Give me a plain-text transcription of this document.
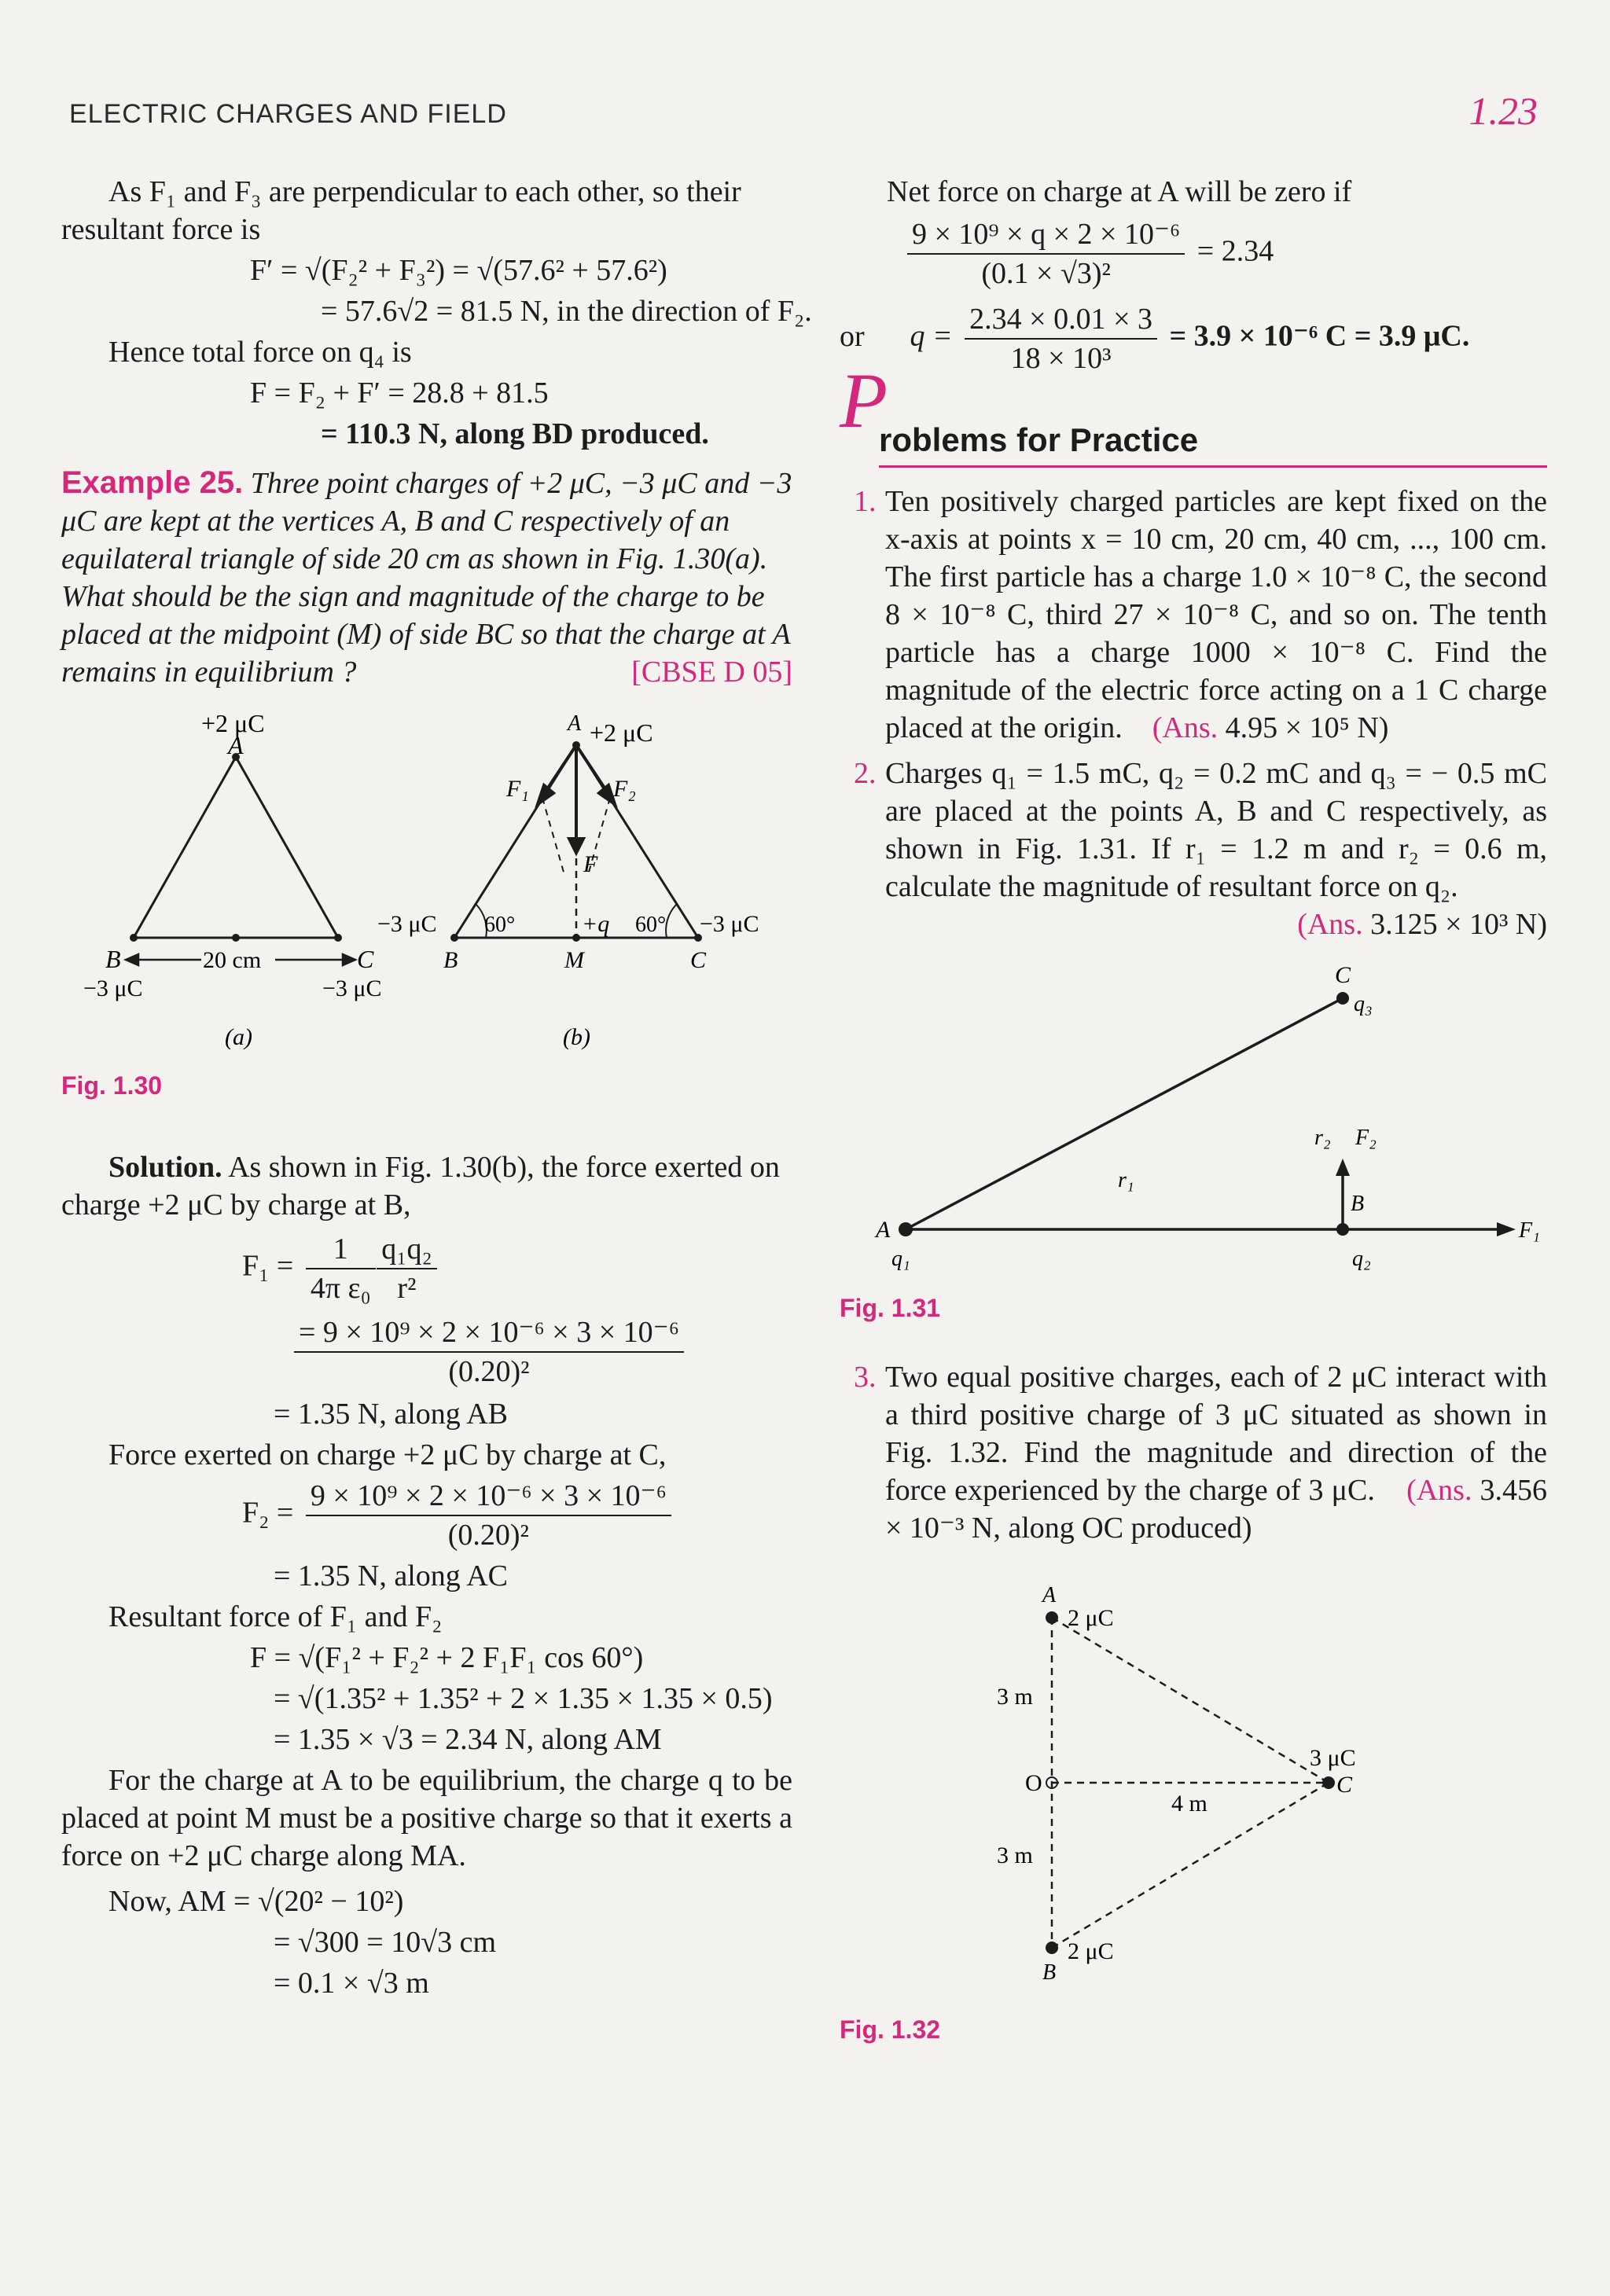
ELECTRIC CHARGES AND FIELD	1.23

As F₁ and F₃ are perpendicular to each other, so their resultant force is

F′ = √(F₂² + F₃²) = √(57.6² + 57.6²)

= 57.6√2 = 81.5 N, in the direction of F₂.

Hence total force on q₄ is

F = F₂ + F′ = 28.8 + 81.5

= 110.3 N, along BD produced.

Example 25. Three point charges of +2 μC, −3 μC and −3 μC are kept at the vertices A, B and C respectively of an equilateral triangle of side 20 cm as shown in Fig. 1.30(a). What should be the sign and magnitude of the charge to be placed at the midpoint (M) of side BC so that the charge at A remains in equilibrium ?	[CBSE D 05]

+2 μC
A
B	C
20 cm
−3 μC	−3 μC
(a)
A +2 μC
F₁	F₂
F
60°	60°
+q
−3 μC	−3 μC
B	M	C
(b)

Fig. 1.30

Solution. As shown in Fig. 1.30(b), the force exerted on charge +2 μC by charge at B,

$F_1 = \frac{1}{\text{4π ε₀}}$
$\frac{\text{q₁q₂}}{\text{r²}}$
$\frac{\text{= 9 × 10⁹ × 2 × 10⁻⁶ × 3 × 10⁻⁶}}{\text{(0.20)²}}$

= 1.35 N, along AB

Force exerted on charge +2 μC by charge at C,

$F_2 = \frac{\text{9 × 10⁹ × 2 × 10⁻⁶ × 3 × 10⁻⁶}}{\text{(0.20)²}}$

= 1.35 N, along AC

Resultant force of F₁ and F₂

F = √(F₁² + F₂² + 2 F₁F₁ cos 60°)

= √(1.35² + 1.35² + 2 × 1.35 × 1.35 × 0.5)

= 1.35 × √3 = 2.34 N, along AM

For the charge at A to be equilibrium, the charge q to be placed at point M must be a positive charge so that it exerts a force on +2 μC charge along MA.

Now, AM = √(20² − 10²)

= √300 = 10√3 cm

= 0.1 × √3 m

Net force on charge at A will be zero if

$\frac{\text{9 × 10⁹ × q × 2 × 10⁻⁶}}{\text{(0.1 × √3)²}} = 2.34$
or $q = \frac{2.34 \times 0.01 \times 3}{\text{18 × 10³}} = 3.9 \times 10^{-6}$ C = 3.9 μC.
P
roblems for Practice
1. Ten positively charged particles are kept fixed on the x-axis at points x = 10 cm, 20 cm, 40 cm, ..., 100 cm. The first particle has a charge 1.0 × 10⁻⁸ C, the second 8 × 10⁻⁸ C, third 27 × 10⁻⁸ C, and so on. The tenth particle has a charge 1000 × 10⁻⁸ C. Find the magnitude of the electric force acting on a 1 C charge placed at the origin. (Ans. 4.95 × 10⁵ N)
2. Charges q₁ = 1.5 mC, q₂ = 0.2 mC and q₃ = − 0.5 mC are placed at the points A, B and C respectively, as shown in Fig. 1.31. If r₁ = 1.2 m and r₂ = 0.6 m, calculate the magnitude of resultant force on q₂.
(Ans. 3.125 × 10³ N)
C
q₃
r₂ F₂
r₁
B
A
q₁	q₂
F₁

Fig. 1.31

3. Two equal positive charges, each of 2 μC interact with a third positive charge of 3 μC situated as shown in Fig. 1.32. Find the magnitude and direction of the force experienced by the charge of 3 μC. (Ans. 3.456 × 10⁻³ N, along OC produced)
A
2 μC
3 m
3 μC
O	C
4 m
3 m
2 μC
B

Fig. 1.32
